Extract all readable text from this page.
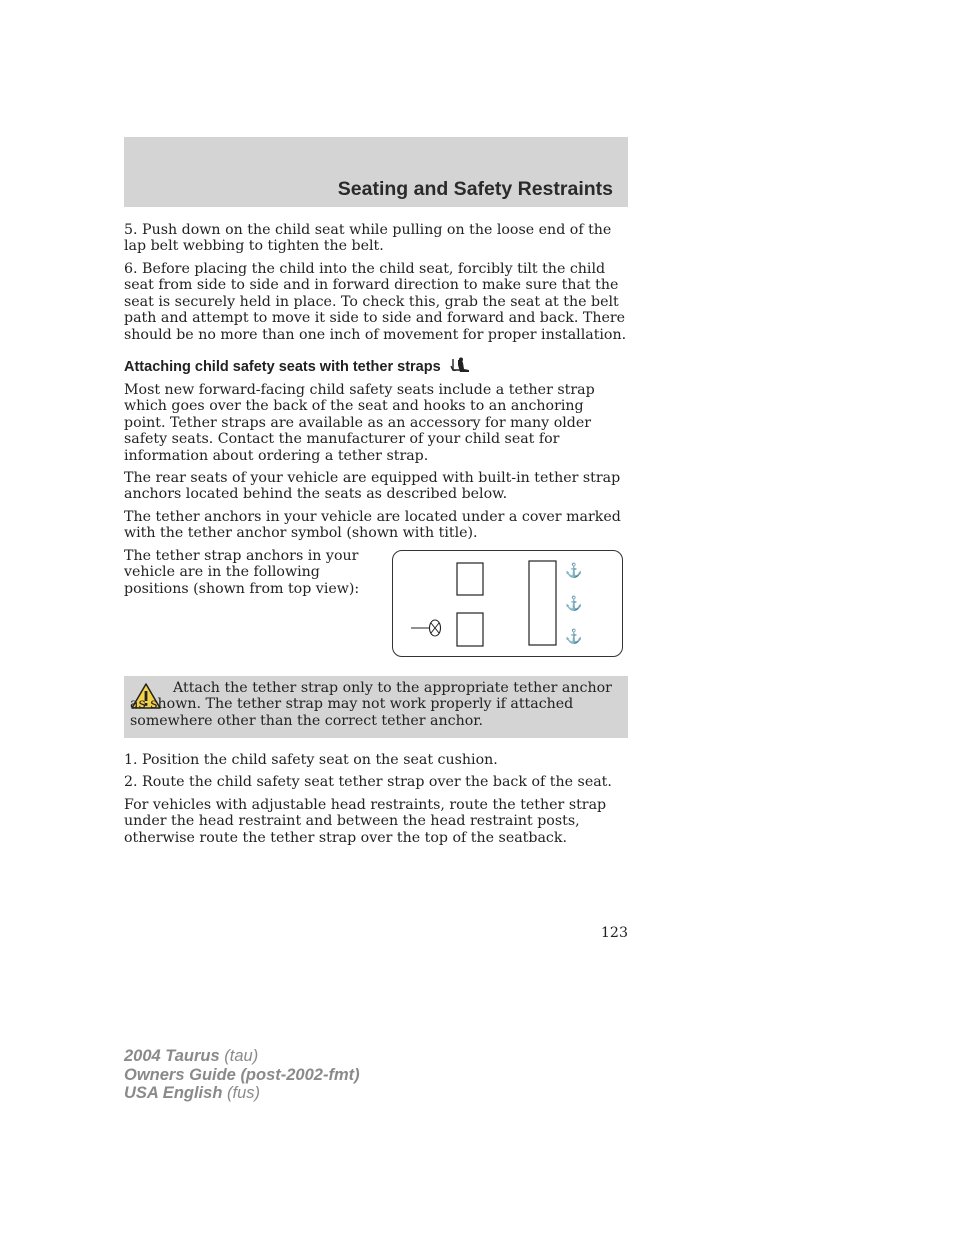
Seating and Safety Restraints

5. Push down on the child seat while pulling on the loose end of the lap belt webbing to tighten the belt.

6. Before placing the child into the child seat, forcibly tilt the child seat from side to side and in forward direction to make sure that the seat is securely held in place. To check this, grab the seat at the belt path and attempt to move it side to side and forward and back. There should be no more than one inch of movement for proper installation.

Attaching child safety seats with tether straps

Most new forward-facing child safety seats include a tether strap which goes over the back of the seat and hooks to an anchoring point. Tether straps are available as an accessory for many older safety seats. Contact the manufacturer of your child seat for information about ordering a tether strap.

The rear seats of your vehicle are equipped with built-in tether strap anchors located behind the seats as described below.

The tether anchors in your vehicle are located under a cover marked with the tether anchor symbol (shown with title).

The tether strap anchors in your vehicle are in the following positions (shown from top view):

⚓
⚓
⚓

Attach the tether strap only to the appropriate tether anchor as shown. The tether strap may not work properly if attached somewhere other than the correct tether anchor.

1. Position the child safety seat on the seat cushion.

2. Route the child safety seat tether strap over the back of the seat.

For vehicles with adjustable head restraints, route the tether strap under the head restraint and between the head restraint posts, otherwise route the tether strap over the top of the seatback.

123
2004 Taurus (tau)
Owners Guide (post-2002-fmt)
USA English (fus)
